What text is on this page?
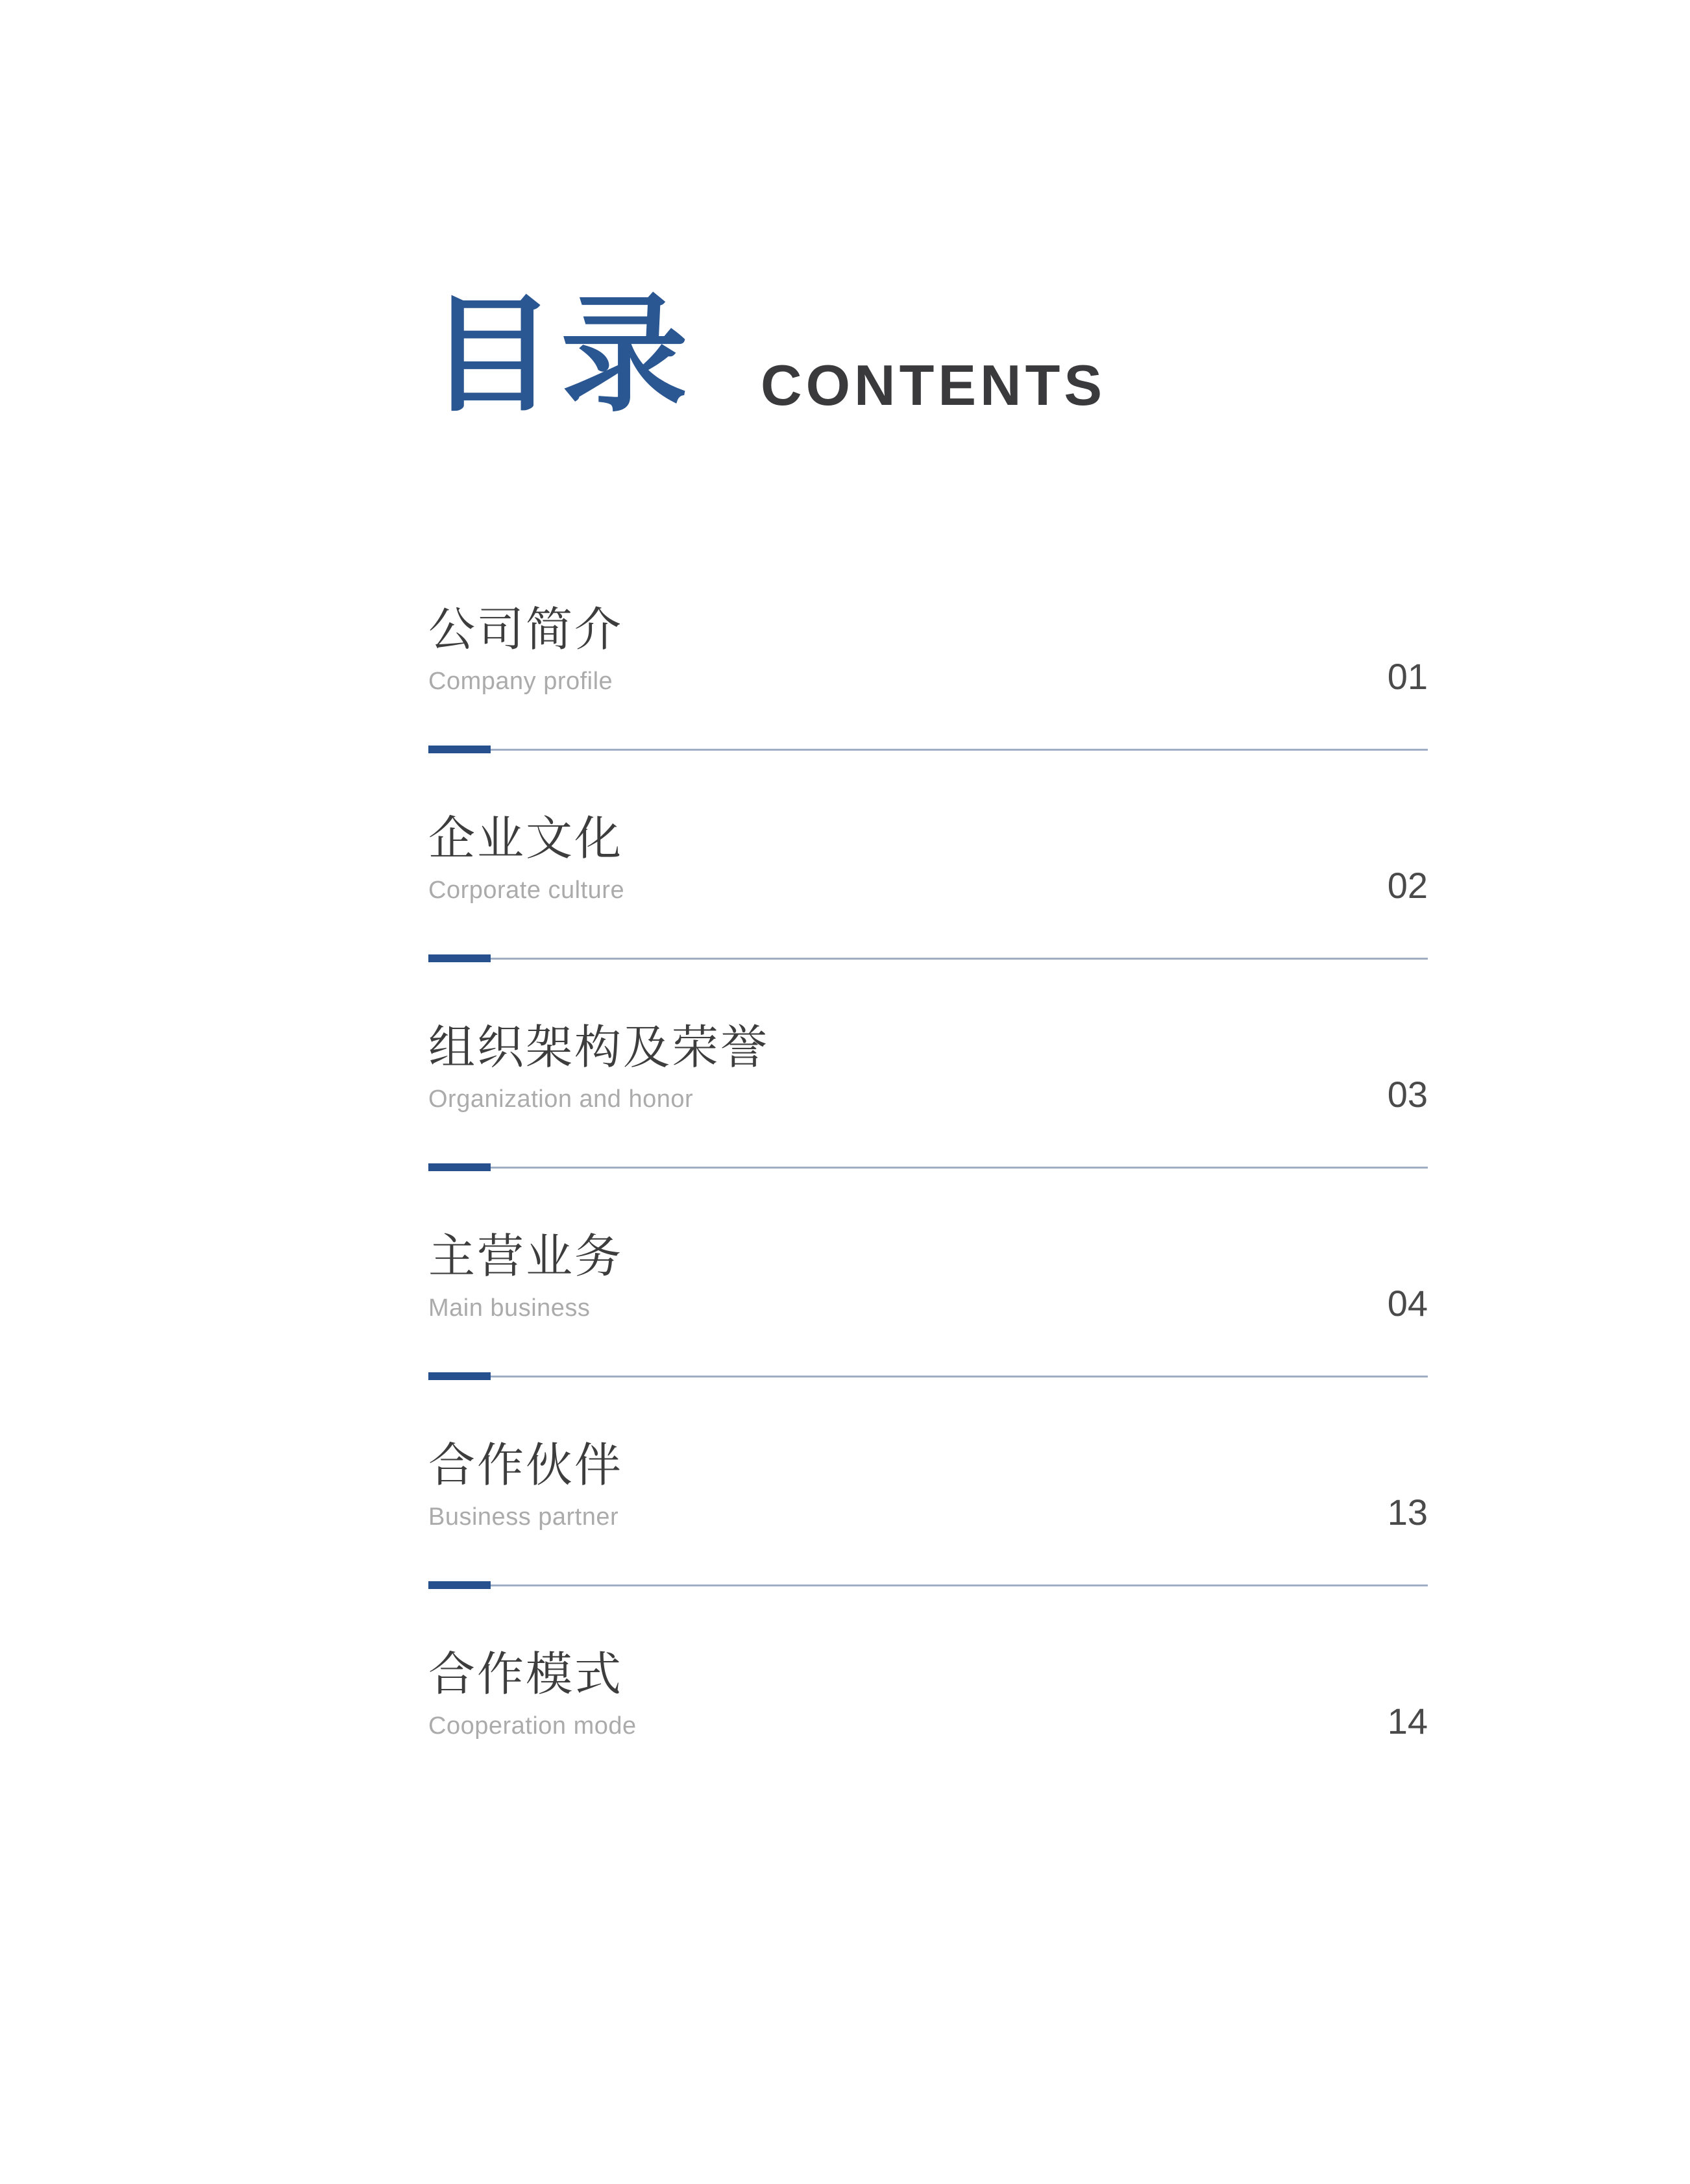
目录 CONTENTS
公司简介
Company profile	01
企业文化
Corporate culture	02
组织架构及荣誉
Organization and honor	03
主营业务
Main business	04
合作伙伴
Business partner	13
合作模式
Cooperation mode	14
